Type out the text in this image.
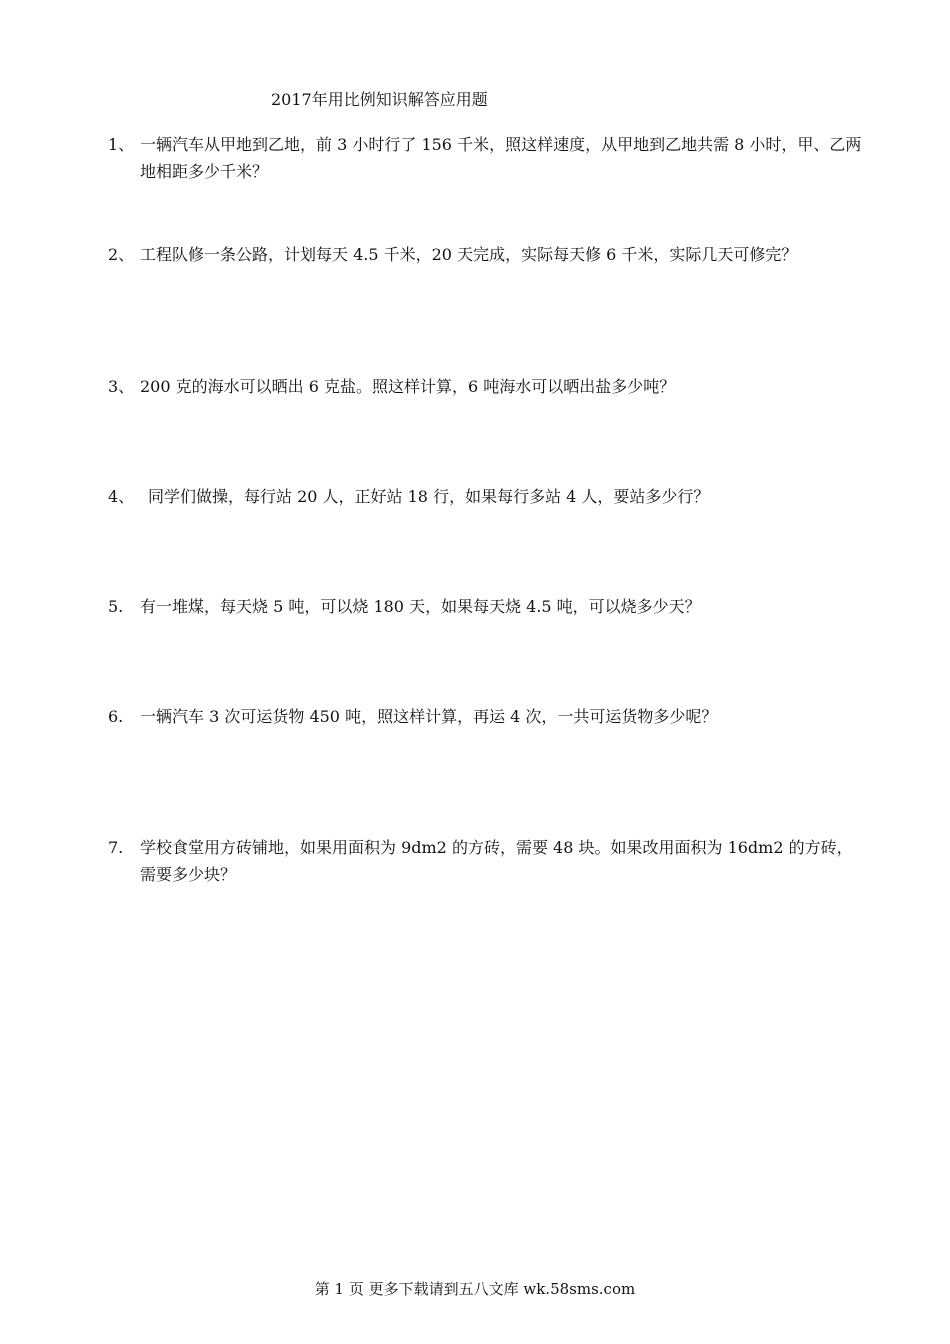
2017年用比例知识解答应用题
1、 一辆汽车从甲地到乙地，前 3 小时行了 156 千米，照这样速度，从甲地到乙地共需 8 小时，甲、乙两地相距多少千米？
2、 工程队修一条公路，计划每天 4.5 千米，20 天完成，实际每天修 6 千米，实际几天可修完？
3、 200 克的海水可以晒出 6 克盐。照这样计算，6 吨海水可以晒出盐多少吨？
4、 同学们做操，每行站 20 人，正好站 18 行，如果每行多站 4 人，要站多少行？
5.	有一堆煤，每天烧 5 吨，可以烧 180 天，如果每天烧 4.5 吨，可以烧多少天？
6.	一辆汽车 3 次可运货物 450 吨，照这样计算，再运 4 次，一共可运货物多少呢？
7.	学校食堂用方砖铺地，如果用面积为 9dm2 的方砖，需要 48 块。如果改用面积为 16dm2 的方砖，需要多少块？
第 1 页 更多下载请到五八文库 wk.58sms.com
